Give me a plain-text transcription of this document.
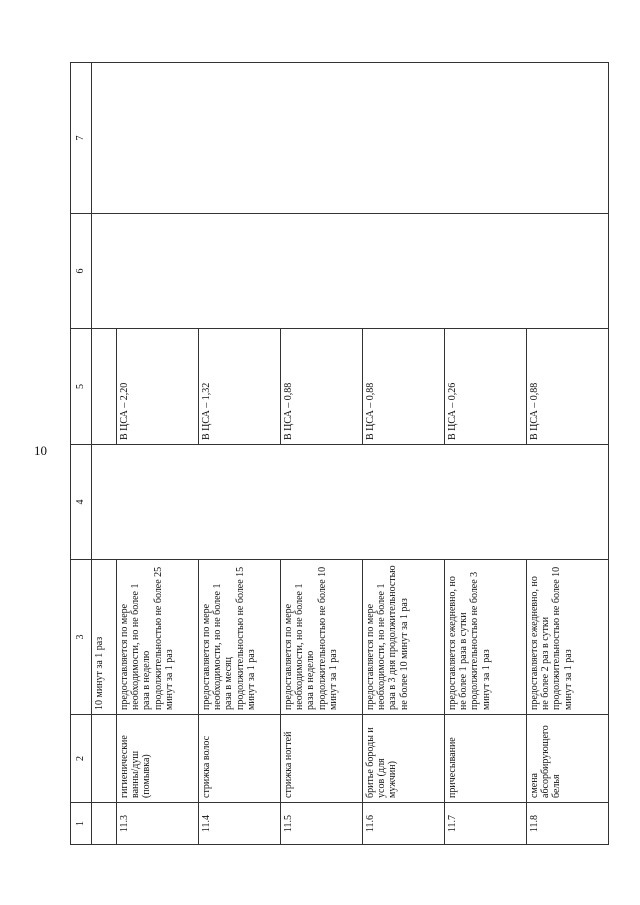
10
1	2	3	4	5	6	7
		10 минут за 1 раз				
11.3	гигиенические ванны/душ (помывка)	предоставляется по мере необходимости, но не более 1 раза в неделю продолжительностью не более 25 минут за 1 раз		В ЦСА – 2,20		
11.4	стрижка волос	предоставляется по мере необходимости, но не более 1 раза в месяц продолжительностью не более 15 минут за 1 раз		В ЦСА – 1,32		
11.5	стрижка ногтей	предоставляется по мере необходимости, но не более 1 раза в неделю продолжительностью не более 10 минут за 1 раз		В ЦСА – 0,88		
11.6	бритье бороды и усов (для мужчин)	предоставляется по мере необходимости, но не более 1 раза в 3 дня продолжительностью не более 10 минут за 1 раз		В ЦСА – 0,88		
11.7	причесывание	предоставляется ежедневно, но не более 1 раза в сутки продолжительностью не более 3 минут за 1 раз		В ЦСА – 0,26		
11.8	смена абсорбирующего белья	предоставляется ежедневно, но не более 2 раз в сутки продолжительностью не более 10 минут за 1 раз		В ЦСА – 0,88		
